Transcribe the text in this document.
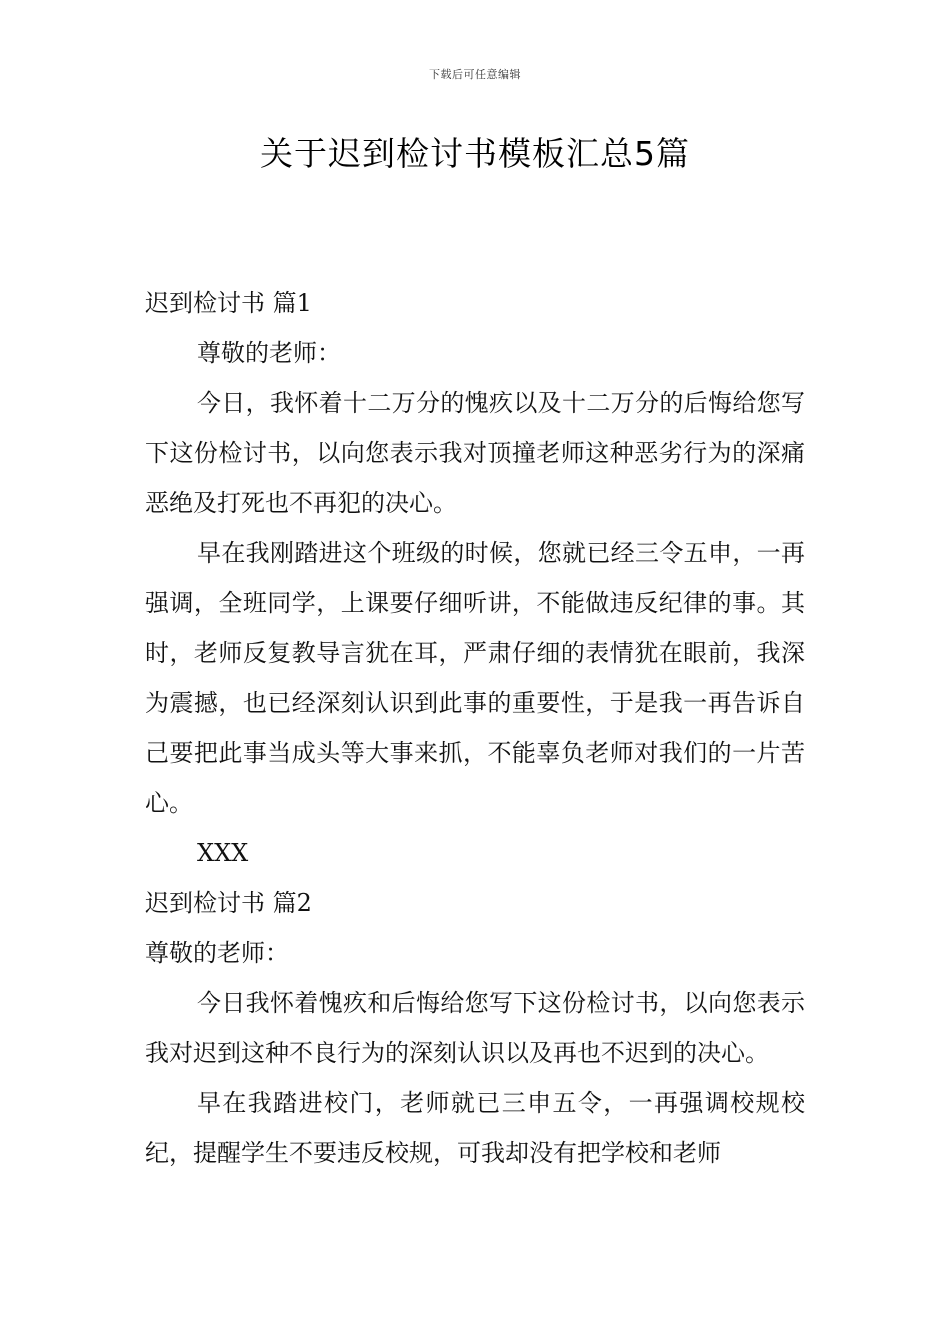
下载后可任意编辑
关于迟到检讨书模板汇总5篇
迟到检讨书 篇1
尊敬的老师：
今日，我怀着十二万分的愧疚以及十二万分的后悔给您写下这份检讨书，以向您表示我对顶撞老师这种恶劣行为的深痛恶绝及打死也不再犯的决心。
早在我刚踏进这个班级的时候，您就已经三令五申，一再强调，全班同学，上课要仔细听讲，不能做违反纪律的事。其时，老师反复教导言犹在耳，严肃仔细的表情犹在眼前，我深为震撼，也已经深刻认识到此事的重要性，于是我一再告诉自己要把此事当成头等大事来抓，不能辜负老师对我们的一片苦心。
XXX
迟到检讨书 篇2
尊敬的老师：
今日我怀着愧疚和后悔给您写下这份检讨书，以向您表示我对迟到这种不良行为的深刻认识以及再也不迟到的决心。
早在我踏进校门，老师就已三申五令，一再强调校规校纪，提醒学生不要违反校规，可我却没有把学校和老师
